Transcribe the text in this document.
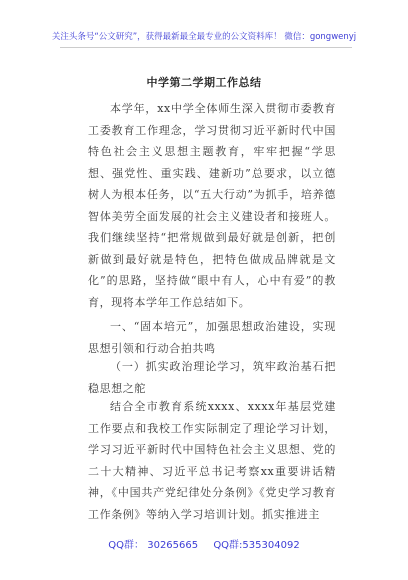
关注头条号“公文研究”，获得最新最全最专业的公文资料库！ 微信：gongwenyj
中学第二学期工作总结

本学年，xx中学全体师生深入贯彻市委教育工委教育工作理念，学习贯彻习近平新时代中国特色社会主义思想主题教育，牢牢把握“学思想、强党性、重实践、建新功”总要求，以立德树人为根本任务，以“五大行动”为抓手，培养德智体美劳全面发展的社会主义建设者和接班人。我们继续坚持“把常规做到最好就是创新，把创新做到最好就是特色，把特色做成品牌就是文化”的思路，坚持做“眼中有人，心中有爱”的教育，现将本学年工作总结如下。

一、“固本培元”，加强思想政治建设，实现思想引领和行动合拍共鸣

（一）抓实政治理论学习，筑牢政治基石把稳思想之舵

结合全市教育系统xxxx、xxxx年基层党建工作要点和我校工作实际制定了理论学习计划，学习习近平新时代中国特色社会主义思想、党的二十大精神、习近平总书记考察xx重要讲话精神，《中国共产党纪律处分条例》《党史学习教育工作条例》等纳入学习培训计划。抓实推进主

QQ群： 30265665 QQ群:535304092
